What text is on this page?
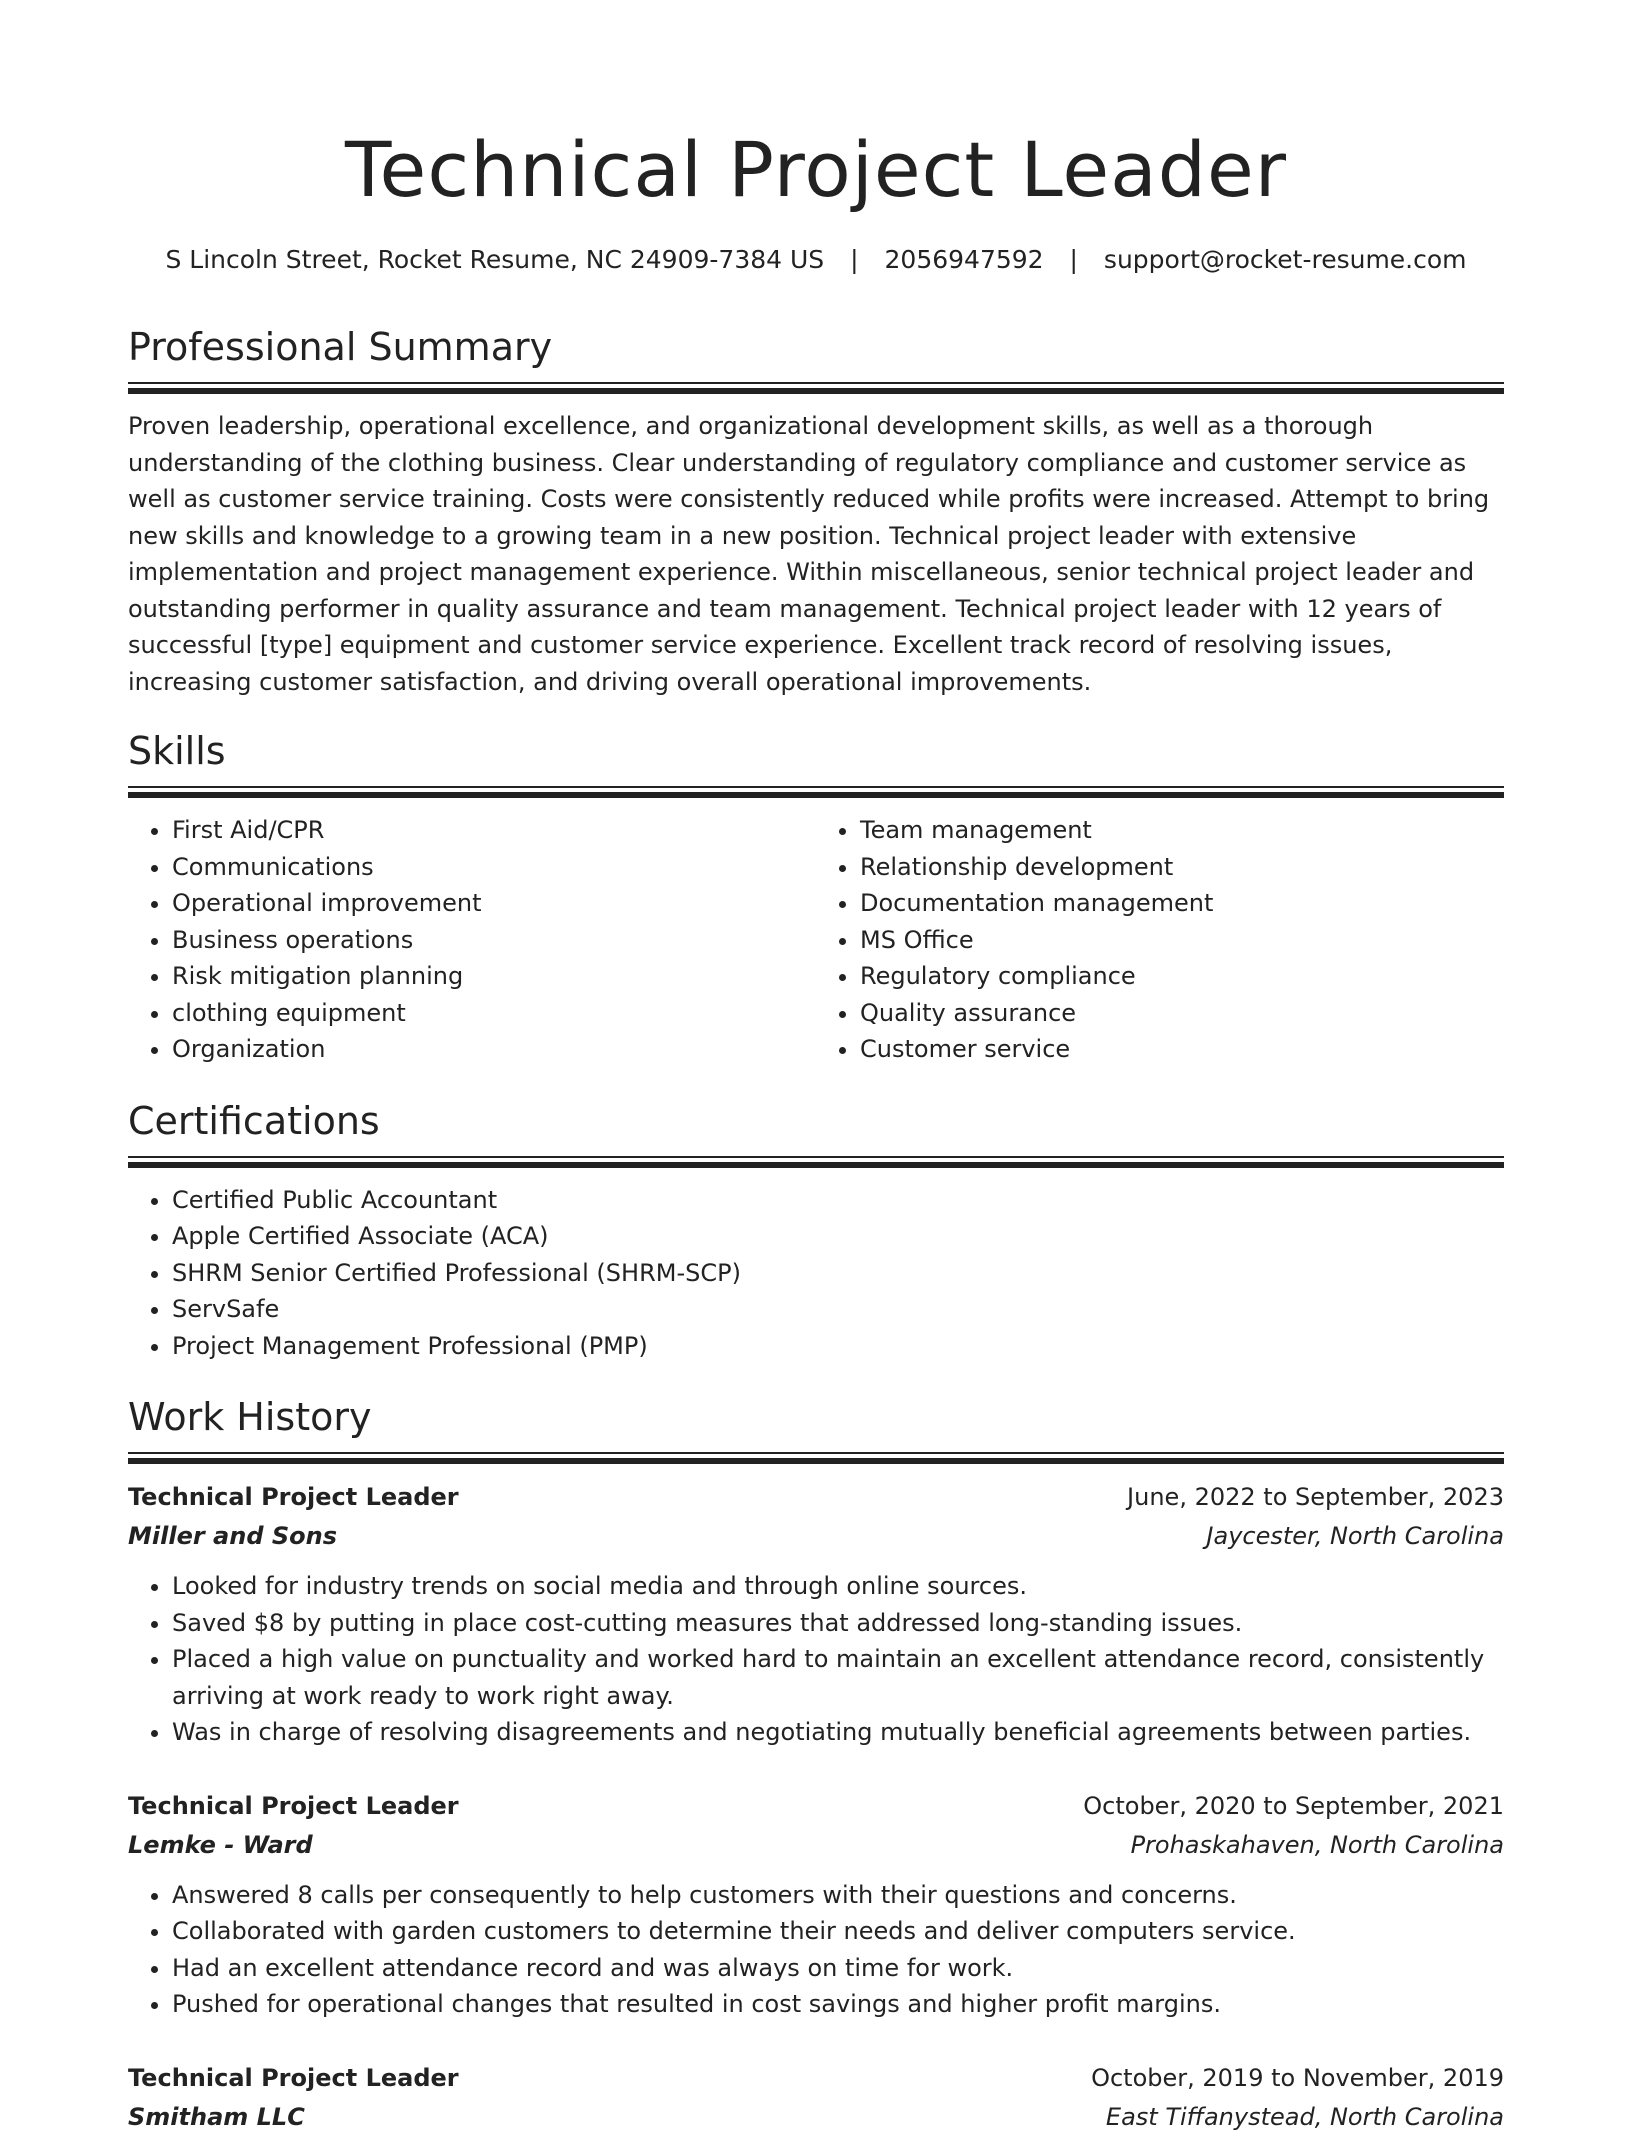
Technical Project Leader
S Lincoln Street, Rocket Resume, NC 24909-7384 US | 2056947592 | support@rocket-resume.com
Professional Summary

Proven leadership, operational excellence, and organizational development skills, as well as a thorough understanding of the clothing business. Clear understanding of regulatory compliance and customer service as well as customer service training. Costs were consistently reduced while profits were increased. Attempt to bring new skills and knowledge to a growing team in a new position. Technical project leader with extensive implementation and project management experience. Within miscellaneous, senior technical project leader and outstanding performer in quality assurance and team management. Technical project leader with 12 years of successful [type] equipment and customer service experience. Excellent track record of resolving issues, increasing customer satisfaction, and driving overall operational improvements.

Skills
• First Aid/CPR
• Communications
• Operational improvement
• Business operations
• Risk mitigation planning
• clothing equipment
• Organization
• Team management
• Relationship development
• Documentation management
• MS Office
• Regulatory compliance
• Quality assurance
• Customer service
Certifications
• Certified Public Accountant
• Apple Certified Associate (ACA)
• SHRM Senior Certified Professional (SHRM-SCP)
• ServSafe
• Project Management Professional (PMP)
Work History
Technical Project Leader	June, 2022 to September, 2023
Miller and Sons	Jaycester, North Carolina
• Looked for industry trends on social media and through online sources.
• Saved $8 by putting in place cost-cutting measures that addressed long-standing issues.
• Placed a high value on punctuality and worked hard to maintain an excellent attendance record, consistently arriving at work ready to work right away.
• Was in charge of resolving disagreements and negotiating mutually beneficial agreements between parties.
Technical Project Leader	October, 2020 to September, 2021
Lemke - Ward	Prohaskahaven, North Carolina
• Answered 8 calls per consequently to help customers with their questions and concerns.
• Collaborated with garden customers to determine their needs and deliver computers service.
• Had an excellent attendance record and was always on time for work.
• Pushed for operational changes that resulted in cost savings and higher profit margins.
Technical Project Leader	October, 2019 to November, 2019
Smitham LLC	East Tiffanystead, North Carolina
